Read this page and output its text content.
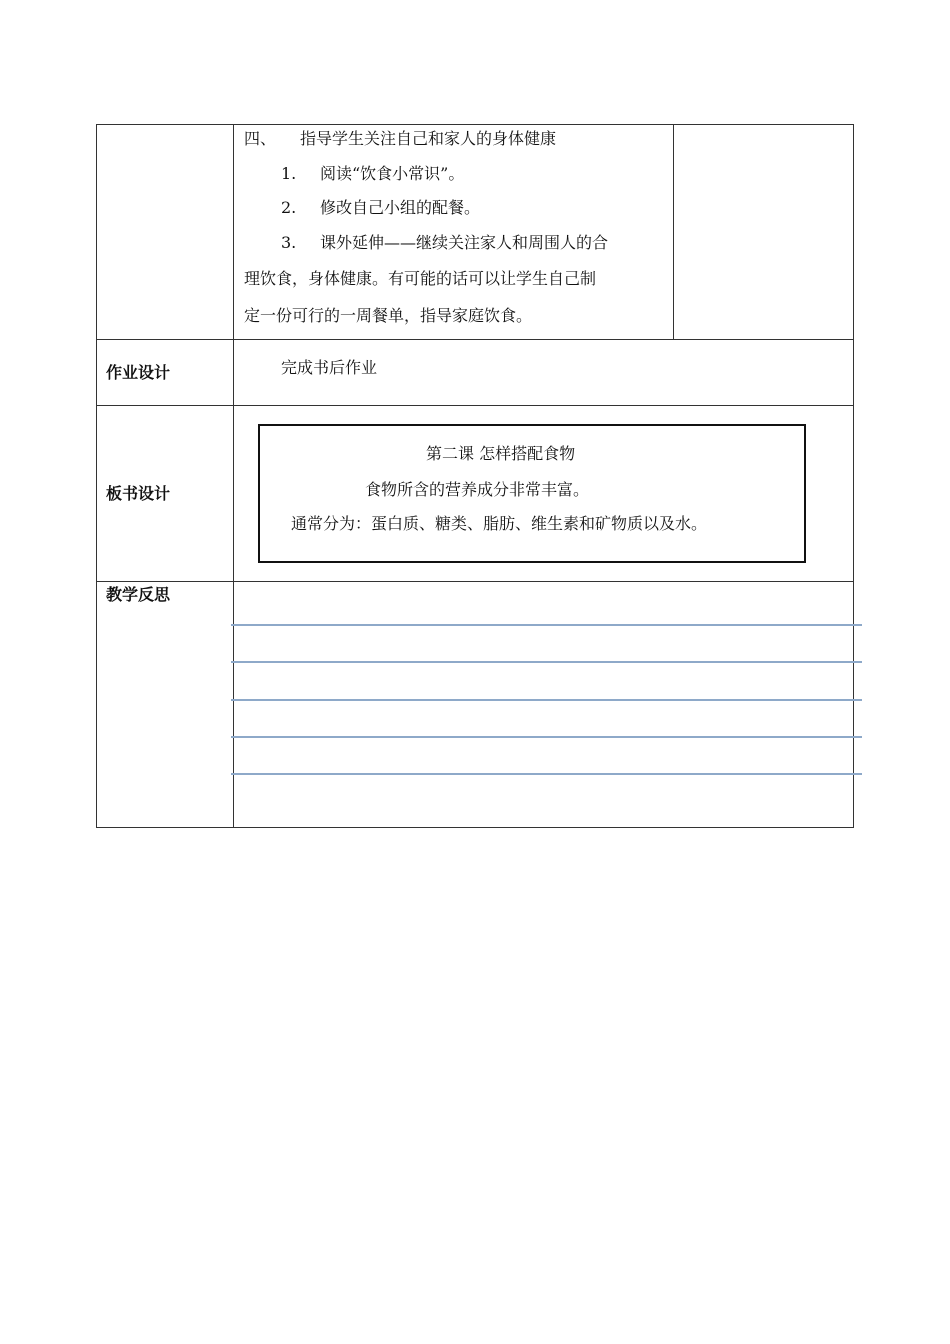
四、 指导学生关注自己和家人的身体健康
1. 阅读“饮食小常识”。
2. 修改自己小组的配餐。
3. 课外延伸——继续关注家人和周围人的合
理饮食，身体健康。有可能的话可以让学生自己制
定一份可行的一周餐单，指导家庭饮食。
作业设计	完成书后作业
板书设计
第二课 怎样搭配食物
食物所含的营养成分非常丰富。
通常分为：蛋白质、糖类、脂肪、维生素和矿物质以及水。
教学反思
